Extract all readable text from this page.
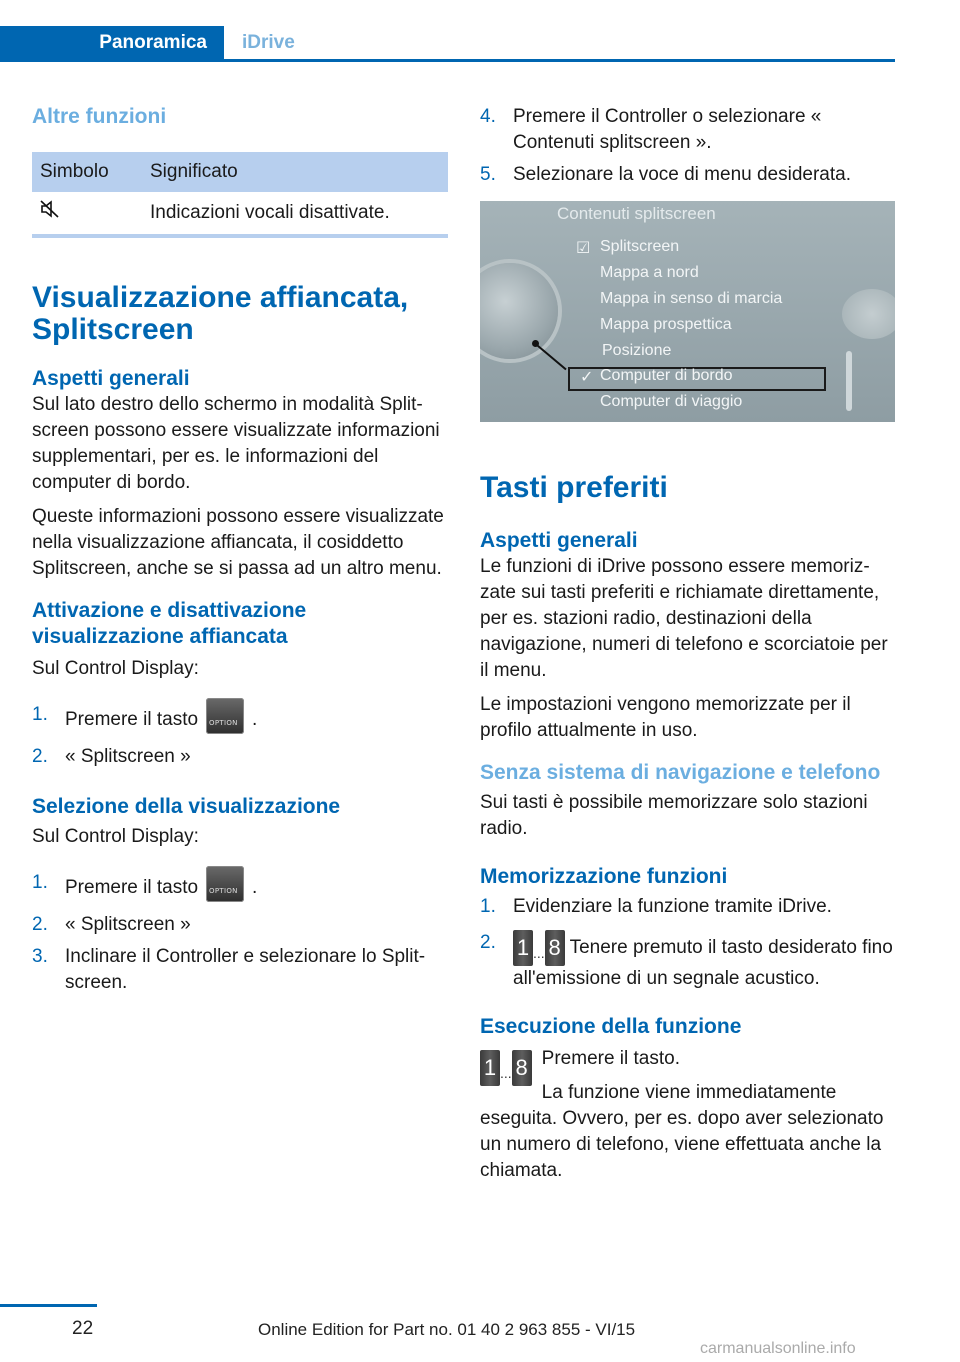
Panoramica	iDrive
Altre funzioni
Simbolo	Significato
	Indicazioni vocali disattivate.
Visualizzazione affiancata, Splitscreen
Aspetti generali

Sul lato destro dello schermo in modalità Splitscreen possono essere visualizzate informazioni supplementari, per es. le informazioni del computer di bordo.

Queste informazioni possono essere visualizzate nella visualizzazione affiancata, il cosiddetto Splitscreen, anche se si passa ad un altro menu.

Attivazione e disattivazione visualizzazione affiancata

Sul Control Display:

1. Premere il tasto OPTION .
2. « Splitscreen »
Selezione della visualizzazione

Sul Control Display:

1. Premere il tasto OPTION .
2. « Splitscreen »
3. Inclinare il Controller e selezionare lo Splitscreen.
4. Premere il Controller o selezionare « Contenuti splitscreen ».
5. Selezionare la voce di menu desiderata.
Contenuti splitscreen
☑ Splitscreen
Mappa a nord
Mappa in senso di marcia
Mappa prospettica
Posizione
✓ Computer di bordo
Computer di viaggio
Tasti preferiti
Aspetti generali

Le funzioni di iDrive possono essere memorizzate sui tasti preferiti e richiamate direttamente, per es. stazioni radio, destinazioni della navigazione, numeri di telefono e scorciatoie per il menu.

Le impostazioni vengono memorizzate per il profilo attualmente in uso.

Senza sistema di navigazione e telefono

Sui tasti è possibile memorizzare solo stazioni radio.

Memorizzazione funzioni
1. Evidenziare la funzione tramite iDrive.
2. 1 ... 8 Tenere premuto il tasto desiderato fino all'emissione di un segnale acustico.
Esecuzione della funzione
1 ... 8 Premere il tasto.

La funzione viene immediatamente eseguita. Ovvero, per es. dopo aver selezionato un numero di telefono, viene effettuata anche la chiamata.

22	Online Edition for Part no. 01 40 2 963 855 - VI/15
carmanualsonline.info
